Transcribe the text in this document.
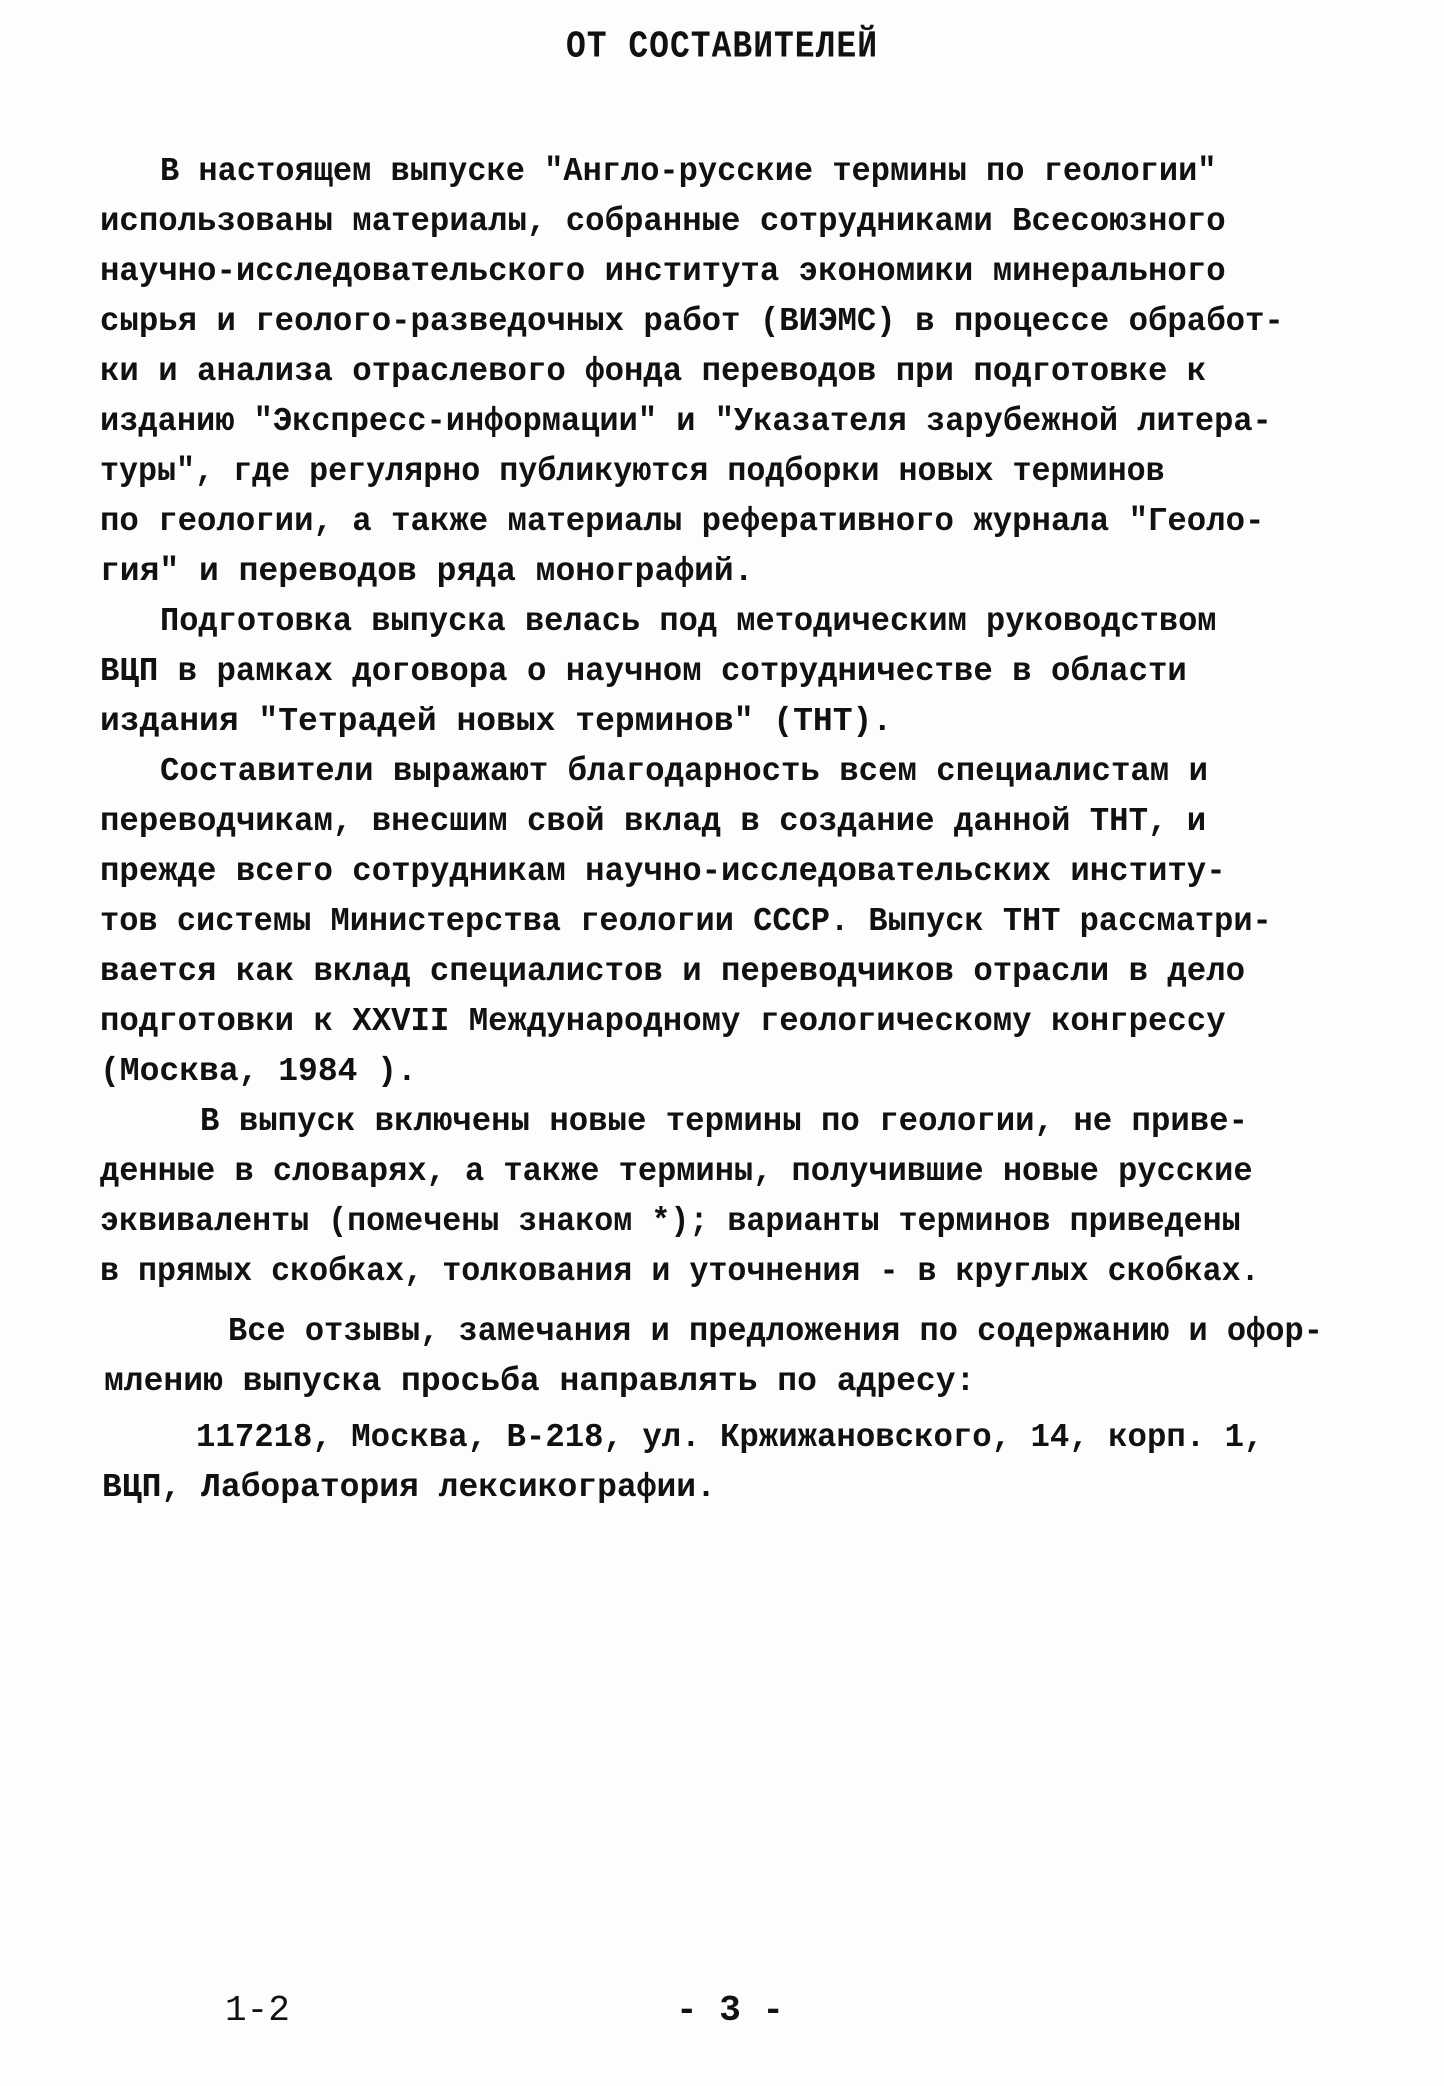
ОТ СОСТАВИТЕЛЕЙ
В настоящем выпуске "Англо-русские термины по геологии"
использованы материалы, собранные сотрудниками Всесоюзного
научно-исследовательского института экономики минерального
сырья и геолого-разведочных работ (ВИЭМС) в процессе обработ-
ки и анализа отраслевого фонда переводов при подготовке к
изданию "Экспресс-информации" и "Указателя зарубежной литера-
туры", где регулярно публикуются подборки новых терминов
по геологии, а также материалы реферативного журнала "Геоло-
гия" и переводов ряда монографий.
Подготовка выпуска велась под методическим руководством
ВЦП в рамках договора о научном сотрудничестве в области
издания "Тетрадей новых терминов" (ТНТ).
Составители выражают благодарность всем специалистам и
переводчикам, внесшим свой вклад в создание данной ТНТ, и
прежде всего сотрудникам научно-исследовательских институ-
тов системы Министерства геологии СССР. Выпуск ТНТ рассматри-
вается как вклад специалистов и переводчиков отрасли в дело
подготовки к XXVII Международному геологическому конгрессу
(Москва, 1984 ).
В выпуск включены новые термины по геологии, не приве-
денные в словарях, а также термины, получившие новые русские
эквиваленты (помечены знаком *); варианты терминов приведены
в прямых скобках, толкования и уточнения - в круглых скобках.
Все отзывы, замечания и предложения по содержанию и офор-
млению выпуска просьба направлять по адресу:
117218, Москва, В-218, ул. Кржижановского, 14, корп. 1,
ВЦП, Лаборатория лексикографии.
1-2	- 3 -
